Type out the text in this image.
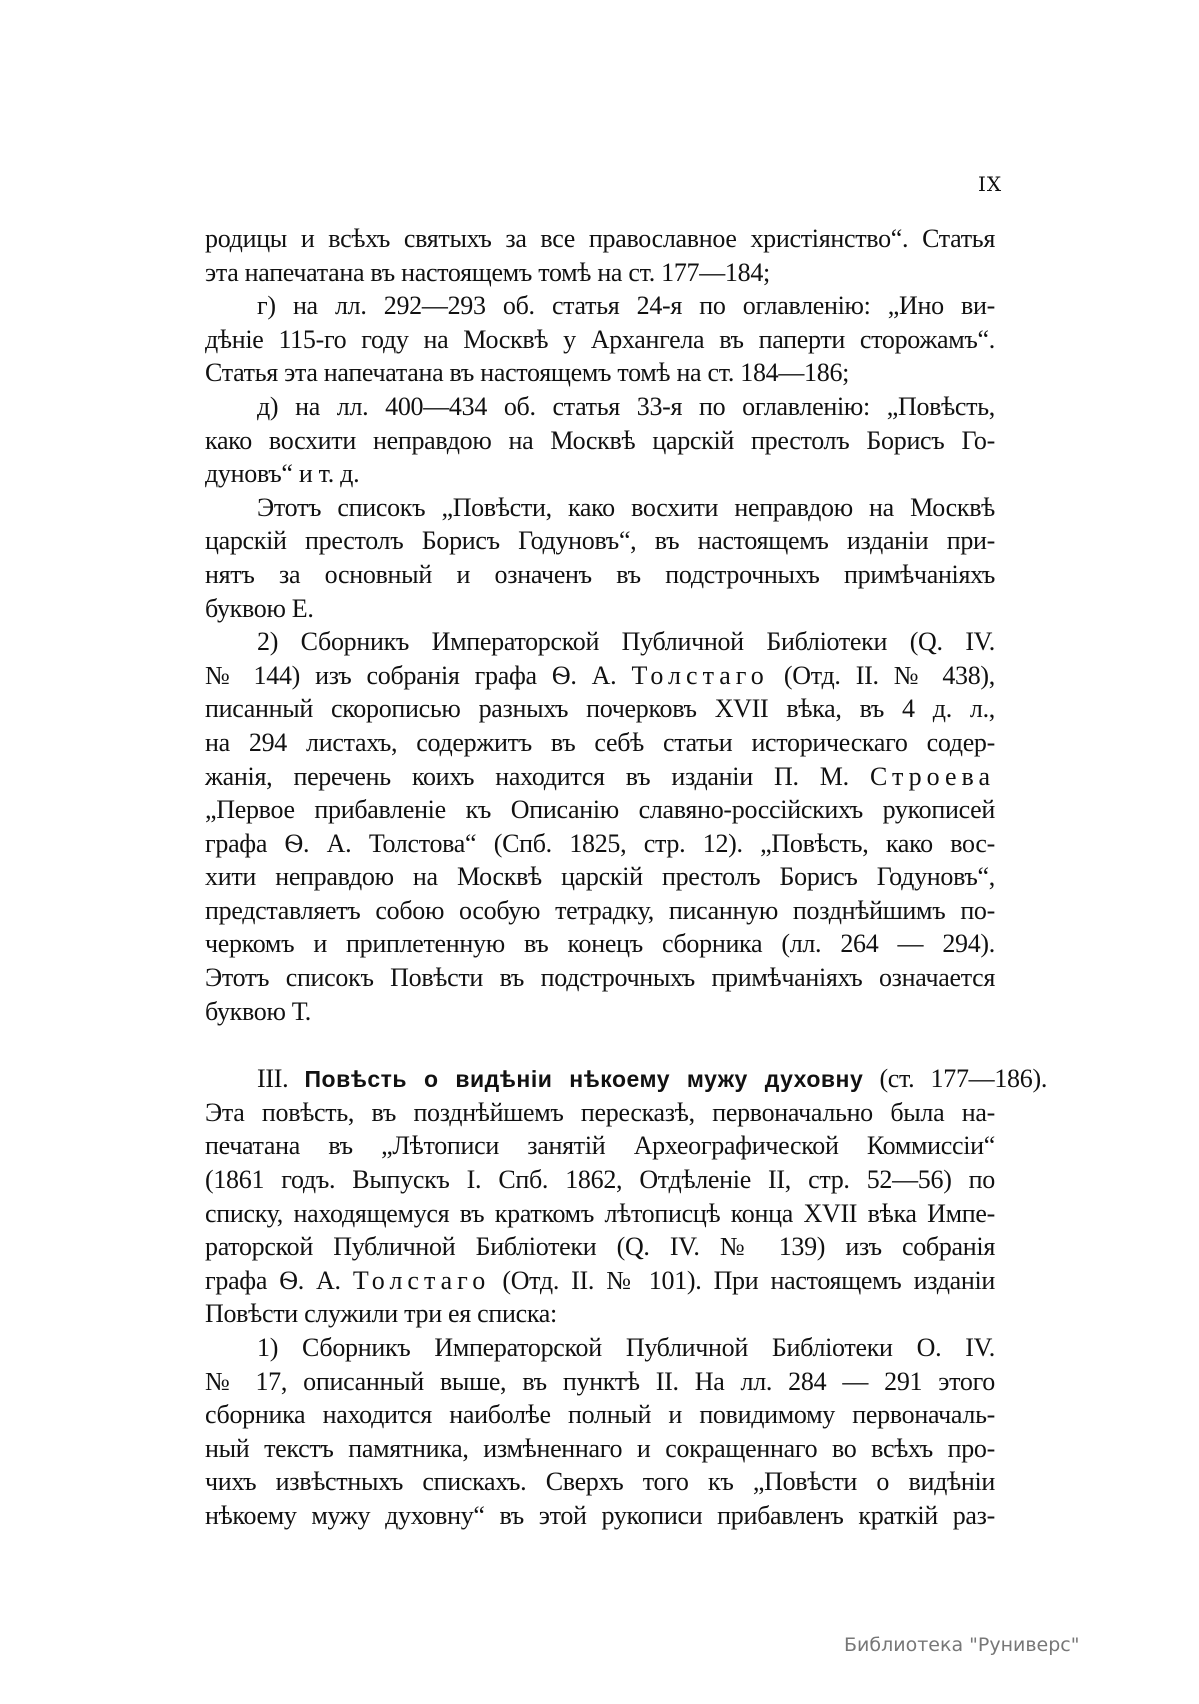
IX
родицы и всѣхъ святыхъ за все православное христіянство“. Статья
эта напечатана въ настоящемъ томѣ на ст. 177—184;
г) на лл. 292—293 об. статья 24-я по оглавленію: „Ино ви-
дѣніе 115-го году на Москвѣ у Архангела въ паперти сторожамъ“.
Статья эта напечатана въ настоящемъ томѣ на ст. 184—186;
д) на лл. 400—434 об. статья 33-я по оглавленію: „Повѣсть,
како восхити неправдою на Москвѣ царскій престолъ Борисъ Го-
дуновъ“ и т. д.
Этотъ списокъ „Повѣсти, како восхити неправдою на Москвѣ
царскій престолъ Борисъ Годуновъ“, въ настоящемъ изданіи при-
нятъ за основный и означенъ въ подстрочныхъ примѣчаніяхъ
буквою Е.
2) Сборникъ Императорской Публичной Библіотеки (Q. IV.
№ 144) изъ собранія графа Ѳ. А. Толстаго (Отд. II. № 438),
писанный скорописью разныхъ почерковъ XVII вѣка, въ 4 д. л.,
на 294 листахъ, содержитъ въ себѣ статьи историческаго содер-
жанія, перечень коихъ находится въ изданіи П. М. Строева
„Первое прибавленіе къ Описанію славяно-россійскихъ рукописей
графа Ѳ. А. Толстова“ (Спб. 1825, стр. 12). „Повѣсть, како вос-
хити неправдою на Москвѣ царскій престолъ Борисъ Годуновъ“,
представляетъ собою особую тетрадку, писанную позднѣйшимъ по-
черкомъ и приплетенную въ конецъ сборника (лл. 264 — 294).
Этотъ списокъ Повѣсти въ подстрочныхъ примѣчаніяхъ означается
буквою Т.
III. Повѣсть о видѣніи нѣкоему мужу духовну (ст. 177—186).
Эта повѣсть, въ позднѣйшемъ пересказѣ, первоначально была на-
печатана въ „Лѣтописи занятій Археографической Коммиссіи“
(1861 годъ. Выпускъ I. Спб. 1862, Отдѣленіе II, стр. 52—56) по
списку, находящемуся въ краткомъ лѣтописцѣ конца XVII вѣка Импе-
раторской Публичной Библіотеки (Q. IV. № 139) изъ собранія
графа Ѳ. А. Толстаго (Отд. II. № 101). При настоящемъ изданіи
Повѣсти служили три ея списка:
1) Сборникъ Императорской Публичной Библіотеки О. IV.
№ 17, описанный выше, въ пунктѣ II. На лл. 284 — 291 этого
сборника находится наиболѣе полный и повидимому первоначаль-
ный текстъ памятника, измѣненнаго и сокращеннаго во всѣхъ про-
чихъ извѣстныхъ спискахъ. Сверхъ того къ „Повѣсти о видѣніи
нѣкоему мужу духовну“ въ этой рукописи прибавленъ краткій раз-
Библиотека "Руниверс"
